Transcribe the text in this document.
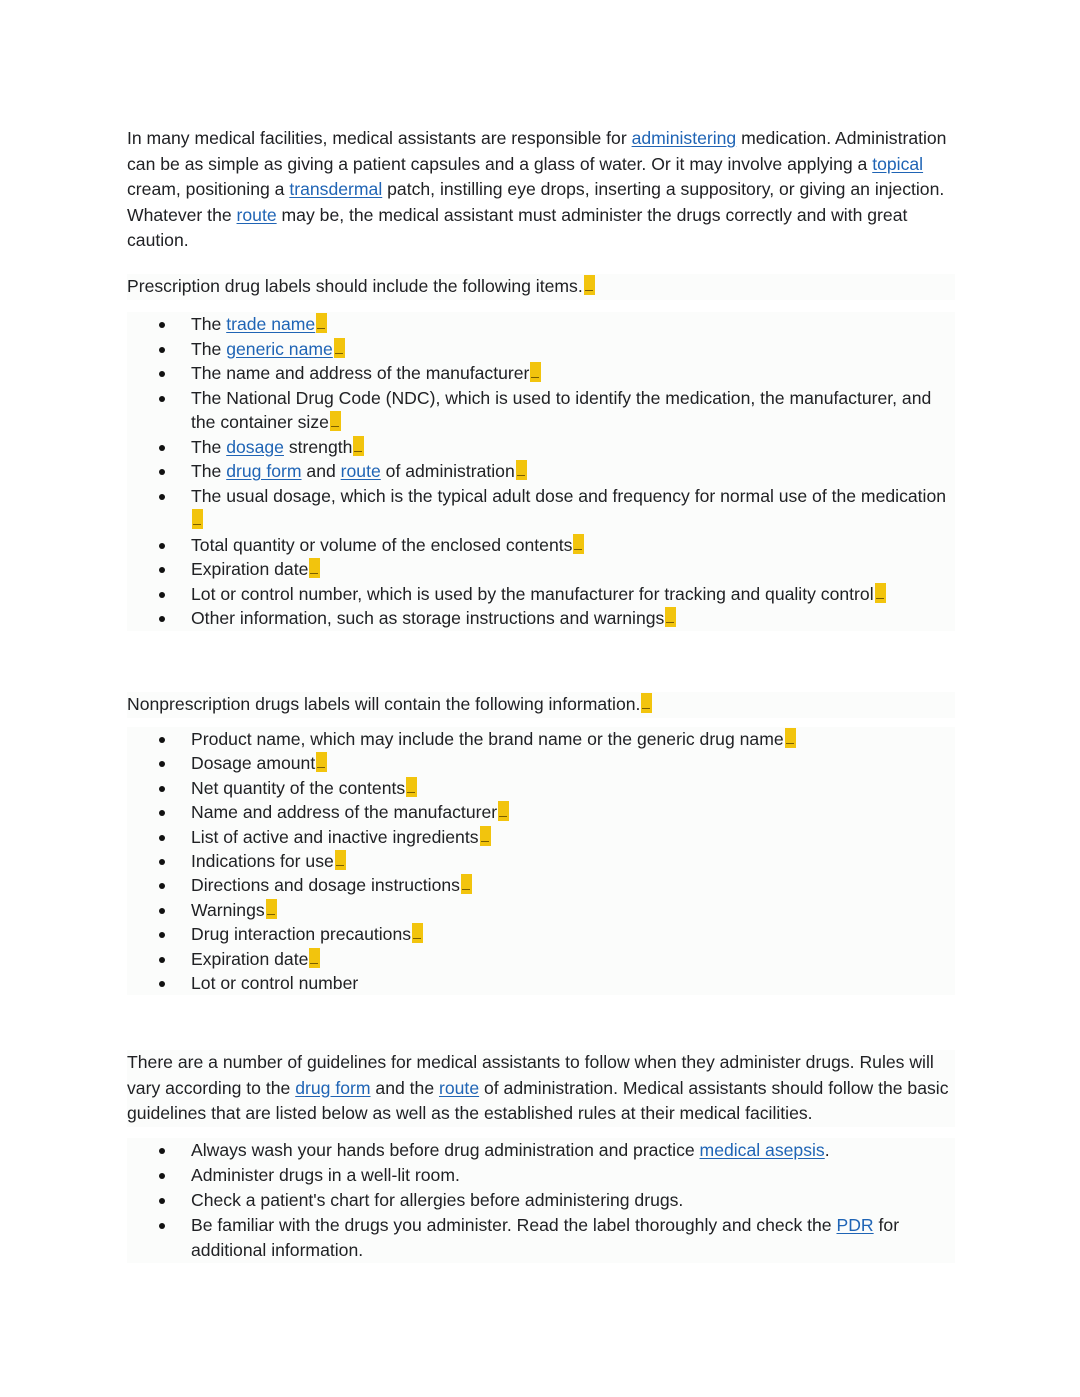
In many medical facilities, medical assistants are responsible for administering medication. Administration can be as simple as giving a patient capsules and a glass of water. Or it may involve applying a topical cream, positioning a transdermal patch, instilling eye drops, inserting a suppository, or giving an injection. Whatever the route may be, the medical assistant must administer the drugs correctly and with great caution.

Prescription drug labels should include the following items.

The trade name
The generic name
The name and address of the manufacturer
The National Drug Code (NDC), which is used to identify the medication, the manufacturer, and the container size
The dosage strength
The drug form and route of administration
The usual dosage, which is the typical adult dose and frequency for normal use of the medication
Total quantity or volume of the enclosed contents
Expiration date
Lot or control number, which is used by the manufacturer for tracking and quality control
Other information, such as storage instructions and warnings

Nonprescription drugs labels will contain the following information.

Product name, which may include the brand name or the generic drug name
Dosage amount
Net quantity of the contents
Name and address of the manufacturer
List of active and inactive ingredients
Indications for use
Directions and dosage instructions
Warnings
Drug interaction precautions
Expiration date
Lot or control number

There are a number of guidelines for medical assistants to follow when they administer drugs. Rules will vary according to the drug form and the route of administration. Medical assistants should follow the basic guidelines that are listed below as well as the established rules at their medical facilities.

Always wash your hands before drug administration and practice medical asepsis.
Administer drugs in a well-lit room.
Check a patient's chart for allergies before administering drugs.
Be familiar with the drugs you administer. Read the label thoroughly and check the PDR for additional information.
